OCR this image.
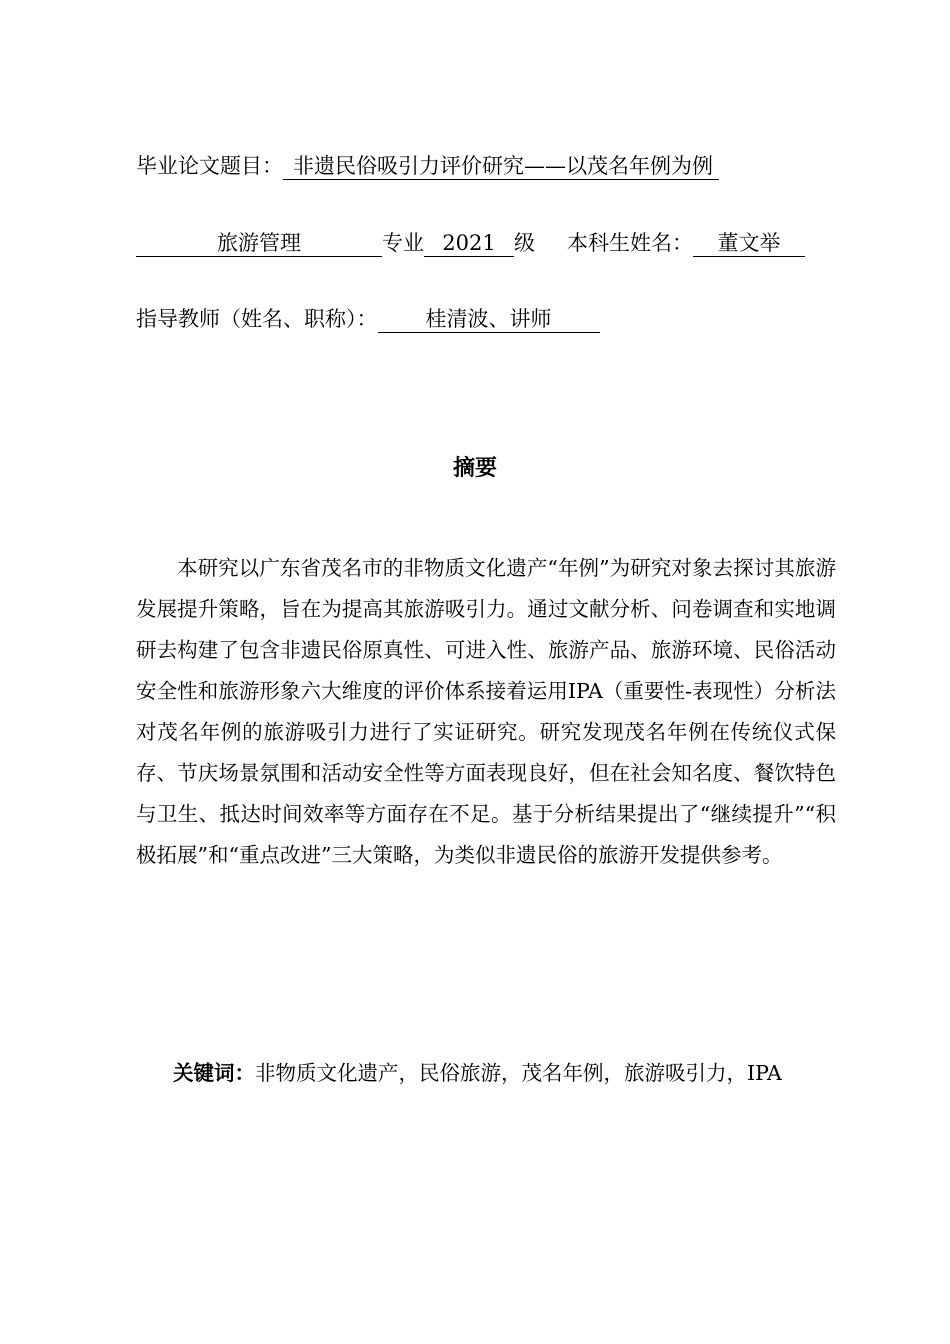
毕业论文题目： 非遗民俗吸引力评价研究——以茂名年例为例
旅游管理	专业 2021 级 本科生姓名： 董文举
指导教师（姓名、职称）： 桂清波、讲师
摘要

本研究以广东省茂名市的非物质文化遗产“年例”为研究对象去探讨其旅游发展提升策略，旨在为提高其旅游吸引力。通过文献分析、问卷调查和实地调研去构建了包含非遗民俗原真性、可进入性、旅游产品、旅游环境、民俗活动安全性和旅游形象六大维度的评价体系接着运用IPA（重要性-表现性）分析法对茂名年例的旅游吸引力进行了实证研究。研究发现茂名年例在传统仪式保存、节庆场景氛围和活动安全性等方面表现良好，但在社会知名度、餐饮特色与卫生、抵达时间效率等方面存在不足。基于分析结果提出了“继续提升”“积极拓展”和“重点改进”三大策略，为类似非遗民俗的旅游开发提供参考。

关键词：非物质文化遗产，民俗旅游，茂名年例，旅游吸引力，IPA
